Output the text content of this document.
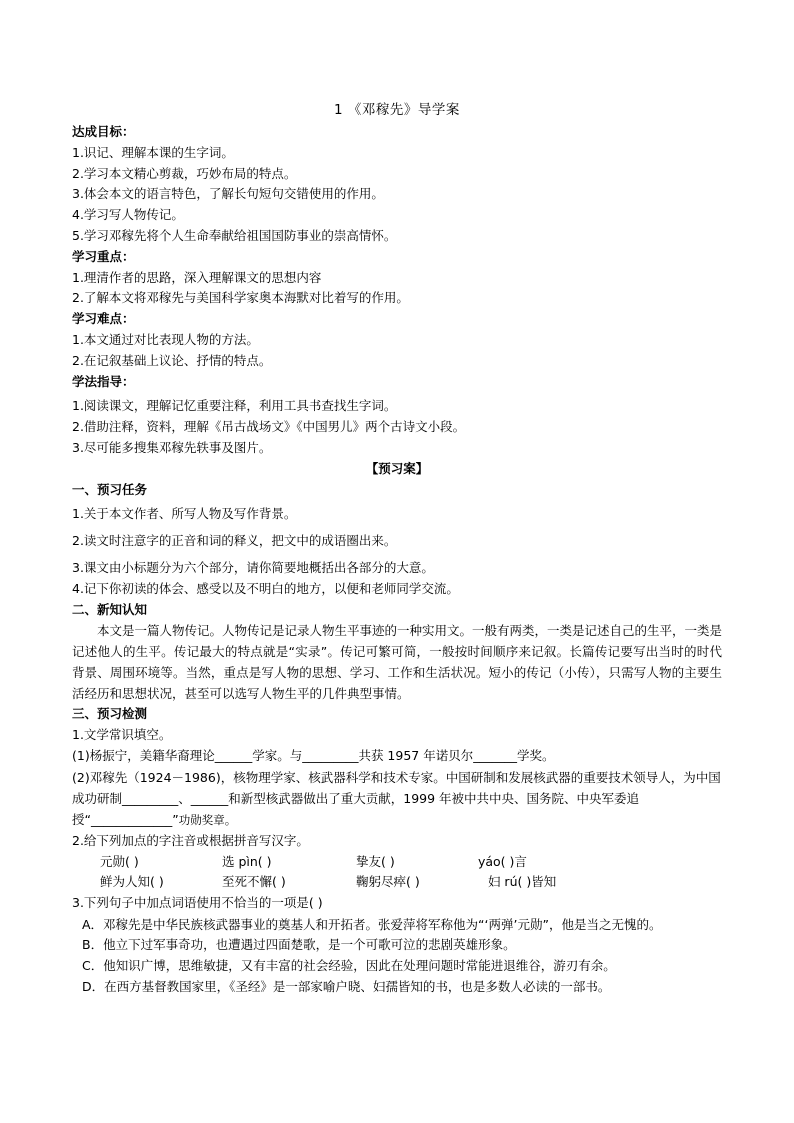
1 《邓稼先》导学案
达成目标：
1.识记、理解本课的生字词。
2.学习本文精心剪裁，巧妙布局的特点。
3.体会本文的语言特色，了解长句短句交错使用的作用。
4.学习写人物传记。
5.学习邓稼先将个人生命奉献给祖国国防事业的崇高情怀。
学习重点：
1.理清作者的思路，深入理解课文的思想内容
2.了解本文将邓稼先与美国科学家奥本海默对比着写的作用。
学习难点：
1.本文通过对比表现人物的方法。
2.在记叙基础上议论、抒情的特点。
学法指导：
1.阅读课文，理解记忆重要注释，利用工具书查找生字词。
2.借助注释，资料，理解《吊古战场文》《中国男儿》两个古诗文小段。
3.尽可能多搜集邓稼先轶事及图片。
【预习案】
一、预习任务
1.关于本文作者、所写人物及写作背景。
2.读文时注意字的正音和词的释义，把文中的成语圈出来。
3.课文由小标题分为六个部分，请你简要地概括出各部分的大意。
4.记下你初读的体会、感受以及不明白的地方，以便和老师同学交流。
二、新知认知

本文是一篇人物传记。人物传记是记录人物生平事迹的一种实用文。一般有两类，一类是记述自己的生平，一类是记述他人的生平。传记最大的特点就是“实录”。传记可繁可简，一般按时间顺序来记叙。长篇传记要写出当时的时代背景、周围环境等。当然，重点是写人物的思想、学习、工作和生活状况。短小的传记（小传），只需写人物的主要生活经历和思想状况，甚至可以选写人物生平的几件典型事情。

三、预习检测
1.文学常识填空。
(1)杨振宁，美籍华裔理论______学家。与_________共获 1957 年诺贝尔_______学奖。

(2)邓稼先（1924－1986)，核物理学家、核武器科学和技术专家。中国研制和发展核武器的重要技术领导人，为中国成功研制_________、______和新型核武器做出了重大贡献，1999 年被中共中央、国务院、中央军委追授“_____________”功勋奖章。

2.给下列加点的字注音或根据拼音写汉字。
元勋( )	选 pìn( )	挚友( )	yáo( )言
鲜为人知( )	至死不懈( )	鞠躬尽瘁( )	妇 rú( )皆知
3.下列句子中加点词语使用不恰当的一项是( )

A．邓稼先是中华民族核武器事业的奠基人和开拓者。张爱萍将军称他为“‘两弹’元勋”，他是当之无愧的。

B．他立下过军事奇功，也遭遇过四面楚歌，是一个可歌可泣的悲剧英雄形象。
C．他知识广博，思维敏捷，又有丰富的社会经验，因此在处理问题时常能进退维谷，游刃有余。
D．在西方基督教国家里，《圣经》是一部家喻户晓、妇孺皆知的书，也是多数人必读的一部书。
